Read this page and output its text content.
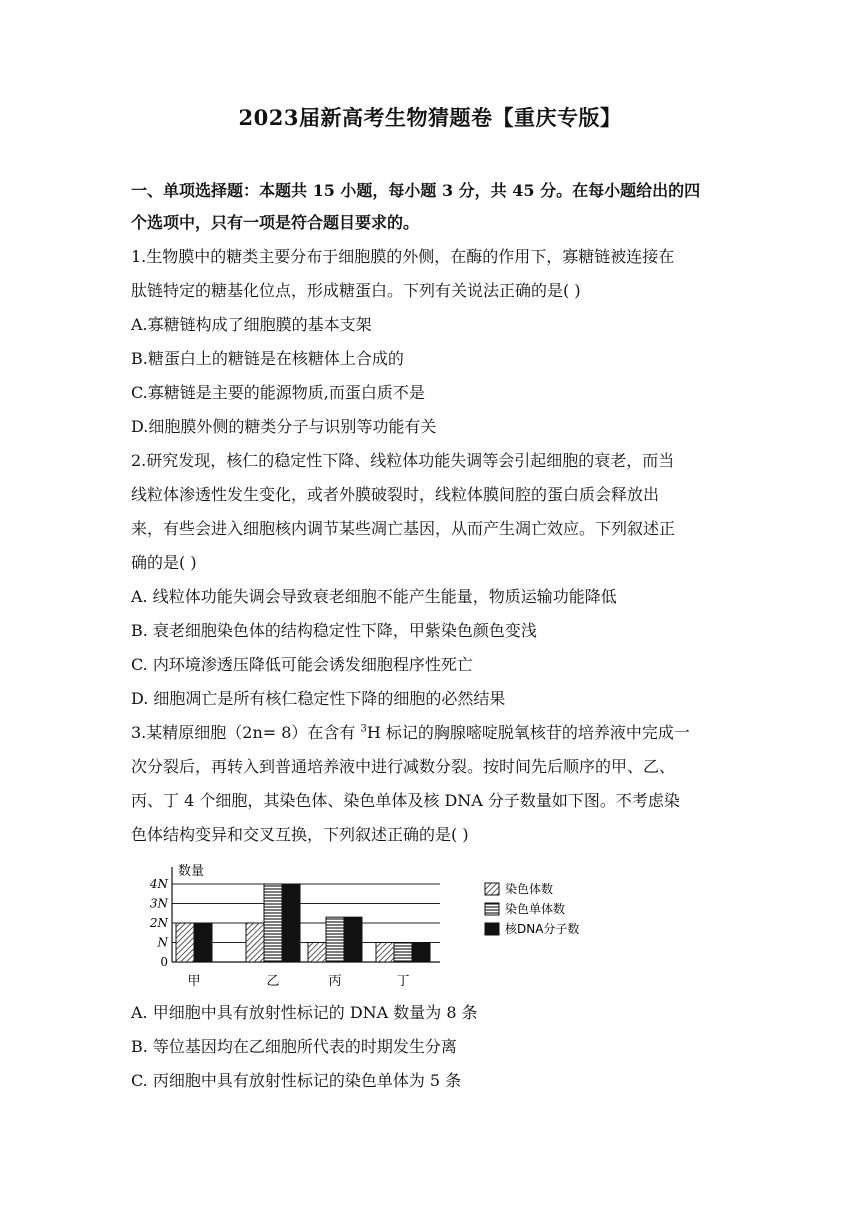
2023届新高考生物猜题卷【重庆专版】
一、单项选择题：本题共 15 小题，每小题 3 分，共 45 分。在每小题给出的四
个选项中，只有一项是符合题目要求的。
1.生物膜中的糖类主要分布于细胞膜的外侧，在酶的作用下，寡糖链被连接在
肽链特定的糖基化位点，形成糖蛋白。下列有关说法正确的是( )
A.寡糖链构成了细胞膜的基本支架
B.糖蛋白上的糖链是在核糖体上合成的
C.寡糖链是主要的能源物质,而蛋白质不是
D.细胞膜外侧的糖类分子与识别等功能有关
2.研究发现，核仁的稳定性下降、线粒体功能失调等会引起细胞的衰老，而当
线粒体渗透性发生变化，或者外膜破裂时，线粒体膜间腔的蛋白质会释放出
来，有些会进入细胞核内调节某些凋亡基因，从而产生凋亡效应。下列叙述正
确的是( )
A. 线粒体功能失调会导致衰老细胞不能产生能量，物质运输功能降低
B. 衰老细胞染色体的结构稳定性下降，甲紫染色颜色变浅
C. 内环境渗透压降低可能会诱发细胞程序性死亡
D. 细胞凋亡是所有核仁稳定性下降的细胞的必然结果
3.某精原细胞（2n= 8）在含有 $^3$H 标记的胸腺嘧啶脱氧核苷的培养液中完成一
次分裂后，再转入到普通培养液中进行减数分裂。按时间先后顺序的甲、乙、
丙、丁 4 个细胞，其染色体、染色单体及核 DNA 分子数量如下图。不考虑染
色体结构变异和交叉互换，下列叙述正确的是( )
数量
0
N
2N
3N
4N
甲	乙	丙	丁
染色体数
染色单体数
核DNA分子数
A. 甲细胞中具有放射性标记的 DNA 数量为 8 条
B. 等位基因均在乙细胞所代表的时期发生分离
C. 丙细胞中具有放射性标记的染色单体为 5 条
